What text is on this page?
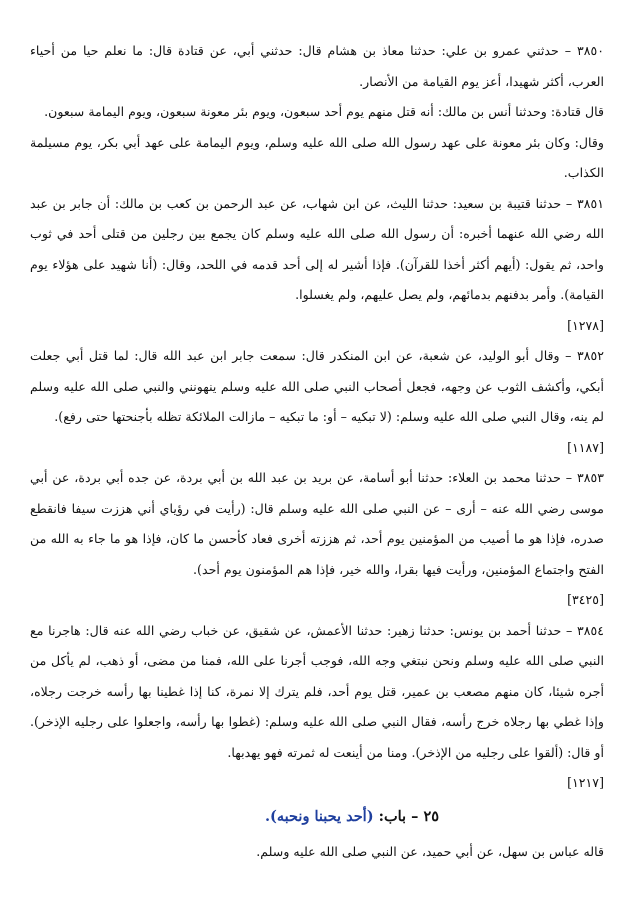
٣٨٥٠ – حدثني عمرو بن علي: حدثنا معاذ بن هشام قال: حدثني أبي، عن قتادة قال: ما نعلم حيا من أحياء العرب، أكثر شهيدا، أعز يوم القيامة من الأنصار.

قال قتادة: وحدثنا أنس بن مالك: أنه قتل منهم يوم أحد سبعون، ويوم بئر معونة سبعون، ويوم اليمامة سبعون.

وقال: وكان بئر معونة على عهد رسول الله صلى الله عليه وسلم، ويوم اليمامة على عهد أبي بكر، يوم مسيلمة الكذاب.

٣٨٥١ – حدثنا قتيبة بن سعيد: حدثنا الليث، عن ابن شهاب، عن عبد الرحمن بن كعب بن مالك: أن جابر بن عبد الله رضي الله عنهما أخبره: أن رسول الله صلى الله عليه وسلم كان يجمع بين رجلين من قتلى أحد في ثوب واحد، ثم يقول: (أيهم أكثر أخذا للقرآن). فإذا أشير له إلى أحد قدمه في اللحد، وقال: (أنا شهيد على هؤلاء يوم القيامة). وأمر بدفنهم بدمائهم، ولم يصل عليهم، ولم يغسلوا.

[١٢٧٨]

٣٨٥٢ – وقال أبو الوليد، عن شعبة، عن ابن المنكدر قال: سمعت جابر ابن عبد الله قال: لما قتل أبي جعلت أبكي، وأكشف الثوب عن وجهه، فجعل أصحاب النبي صلى الله عليه وسلم ينهونني والنبي صلى الله عليه وسلم لم ينه، وقال النبي صلى الله عليه وسلم: (لا تبكيه – أو: ما تبكيه – مازالت الملائكة تظله بأجنحتها حتى رفع).

[١١٨٧]

٣٨٥٣ – حدثنا محمد بن العلاء: حدثنا أبو أسامة، عن بريد بن عبد الله بن أبي بردة، عن جده أبي بردة، عن أبي موسى رضي الله عنه – أرى – عن النبي صلى الله عليه وسلم قال: (رأيت في رؤياي أني هززت سيفا فانقطع صدره، فإذا هو ما أصيب من المؤمنين يوم أحد، ثم هززته أخرى فعاد كأحسن ما كان، فإذا هو ما جاء به الله من الفتح واجتماع المؤمنين، ورأيت فيها بقرا، والله خير، فإذا هم المؤمنون يوم أحد).

[٣٤٢٥]

٣٨٥٤ – حدثنا أحمد بن يونس: حدثنا زهير: حدثنا الأعمش، عن شقيق، عن خباب رضي الله عنه قال: هاجرنا مع النبي صلى الله عليه وسلم ونحن نبتغي وجه الله، فوجب أجرنا على الله، فمنا من مضى، أو ذهب، لم يأكل من أجره شيئا، كان منهم مصعب بن عمير، قتل يوم أحد، فلم يترك إلا نمرة، كنا إذا غطينا بها رأسه خرجت رجلاه، وإذا غطي بها رجلاه خرج رأسه، فقال النبي صلى الله عليه وسلم: (غطوا بها رأسه، واجعلوا على رجليه الإذخر). أو قال: (ألقوا على رجليه من الإذخر). ومنا من أينعت له ثمرته فهو يهدبها.

[١٢١٧]
٢٥ – باب: (أحد يحبنا ونحبه).

قاله عباس بن سهل، عن أبي حميد، عن النبي صلى الله عليه وسلم.
